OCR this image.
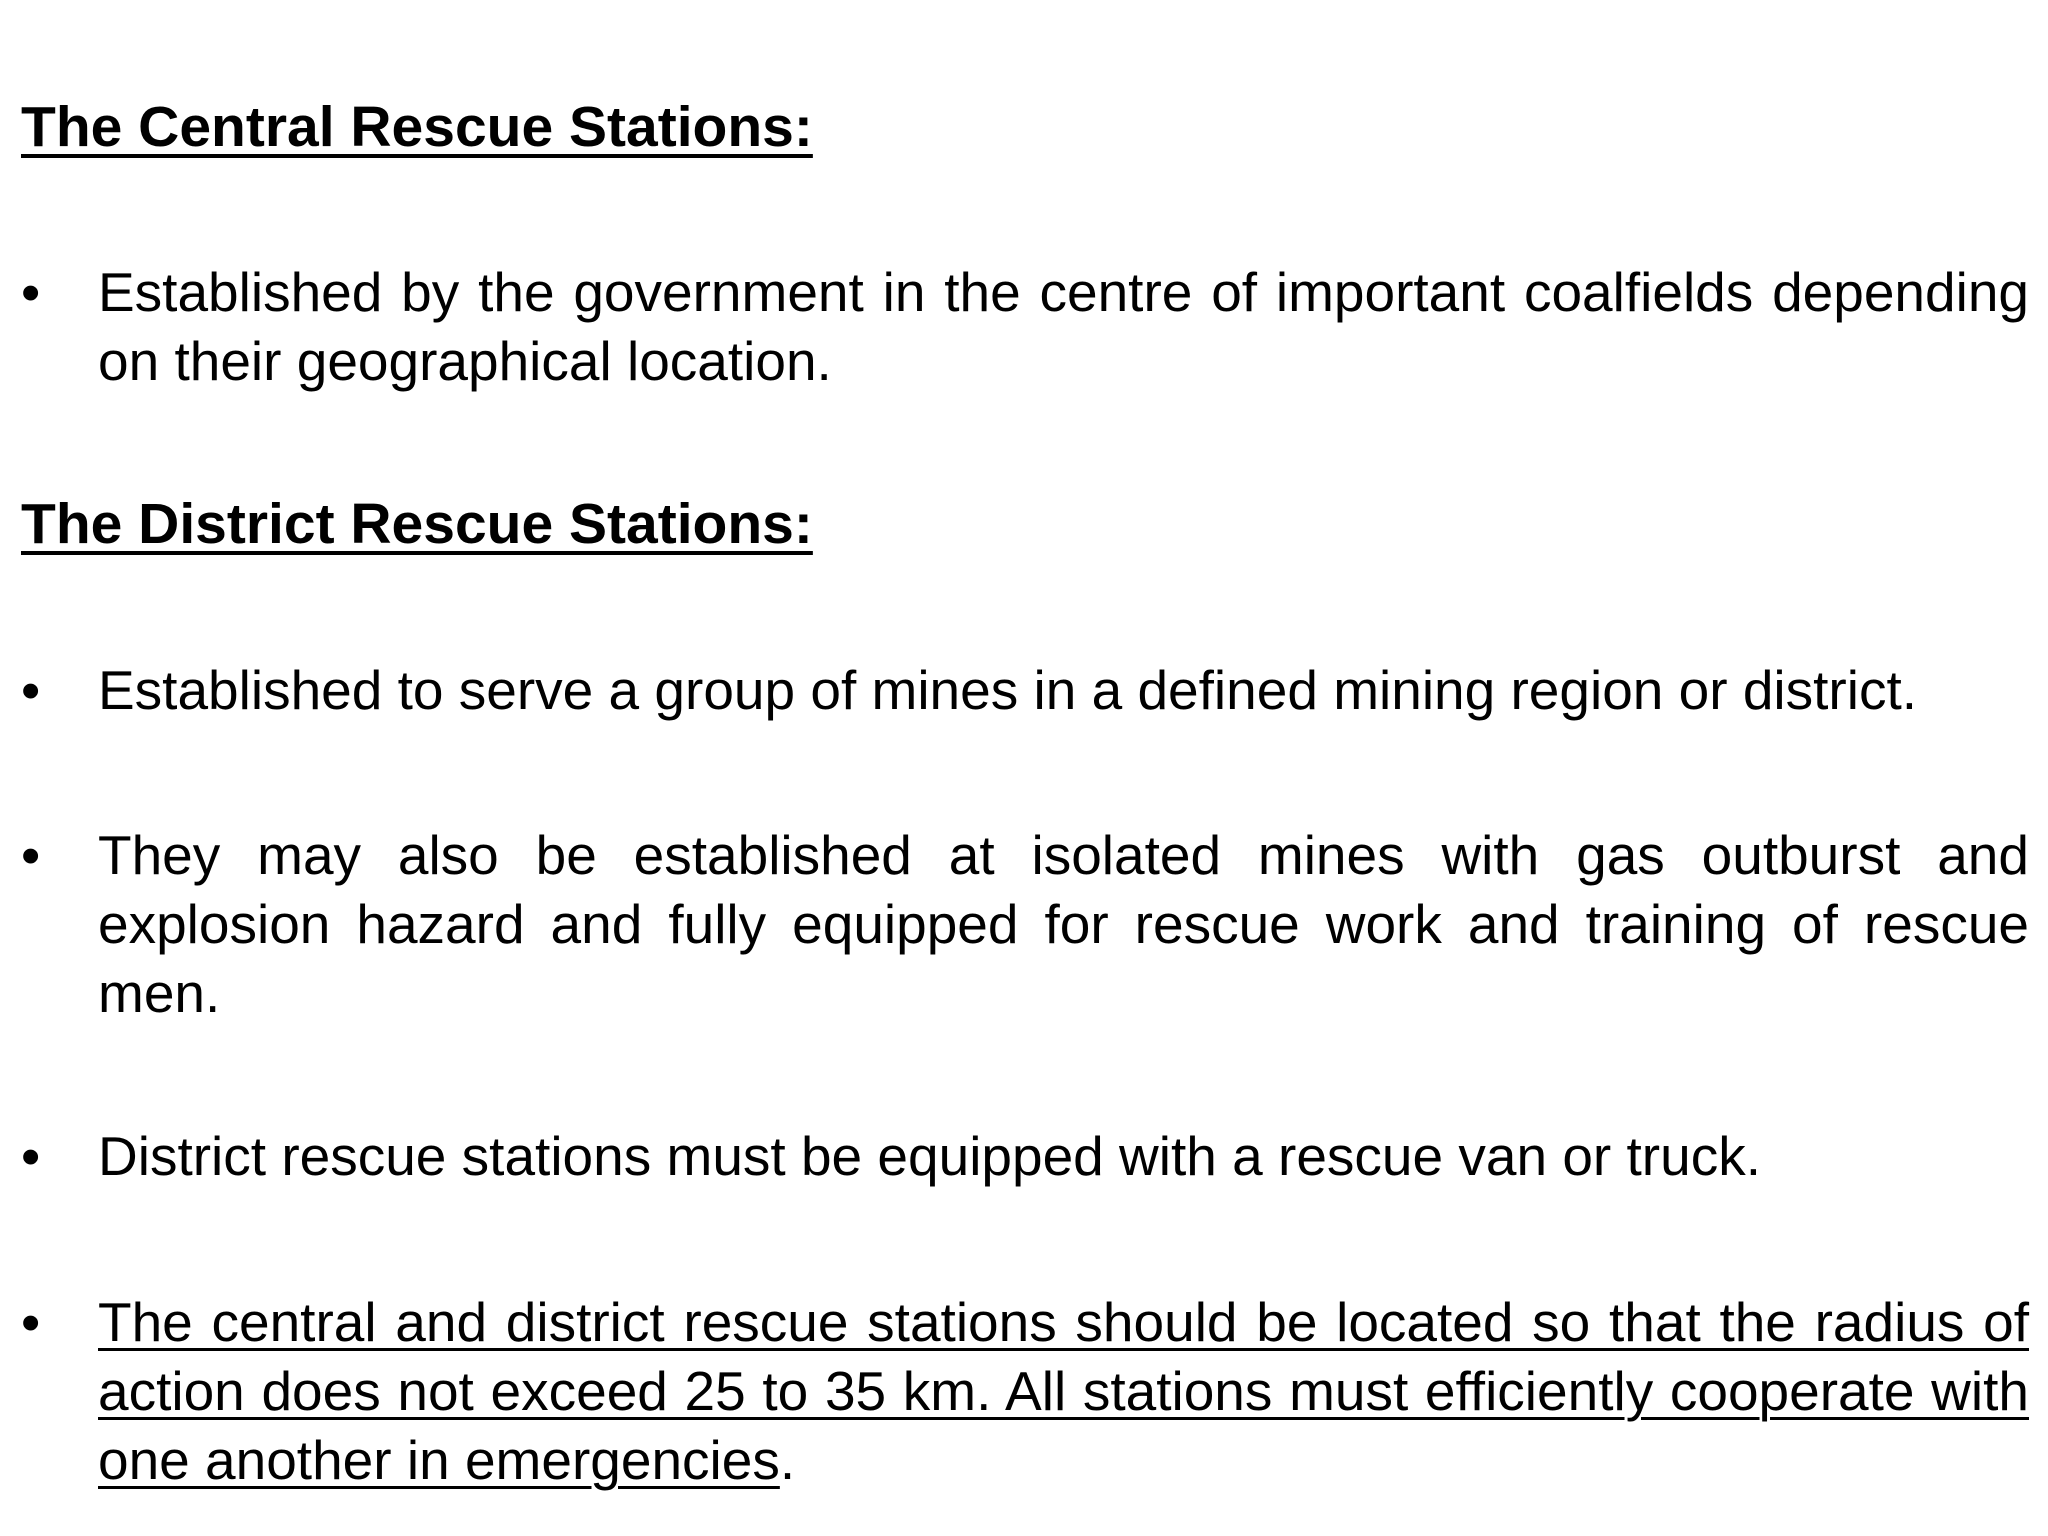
The Central Rescue Stations:
•	Established by the government in the centre of important coalfields depending on their geographical location.
The District Rescue Stations:
•	Established to serve a group of mines in a defined mining region or district.
•	They may also be established at isolated mines with gas outburst and explosion hazard and fully equipped for rescue work and training of rescue men.
•	District rescue stations must be equipped with a rescue van or truck.
•	The central and district rescue stations should be located so that the radius of action does not exceed 25 to 35 km. All stations must efficiently cooperate with one another in emergencies.
